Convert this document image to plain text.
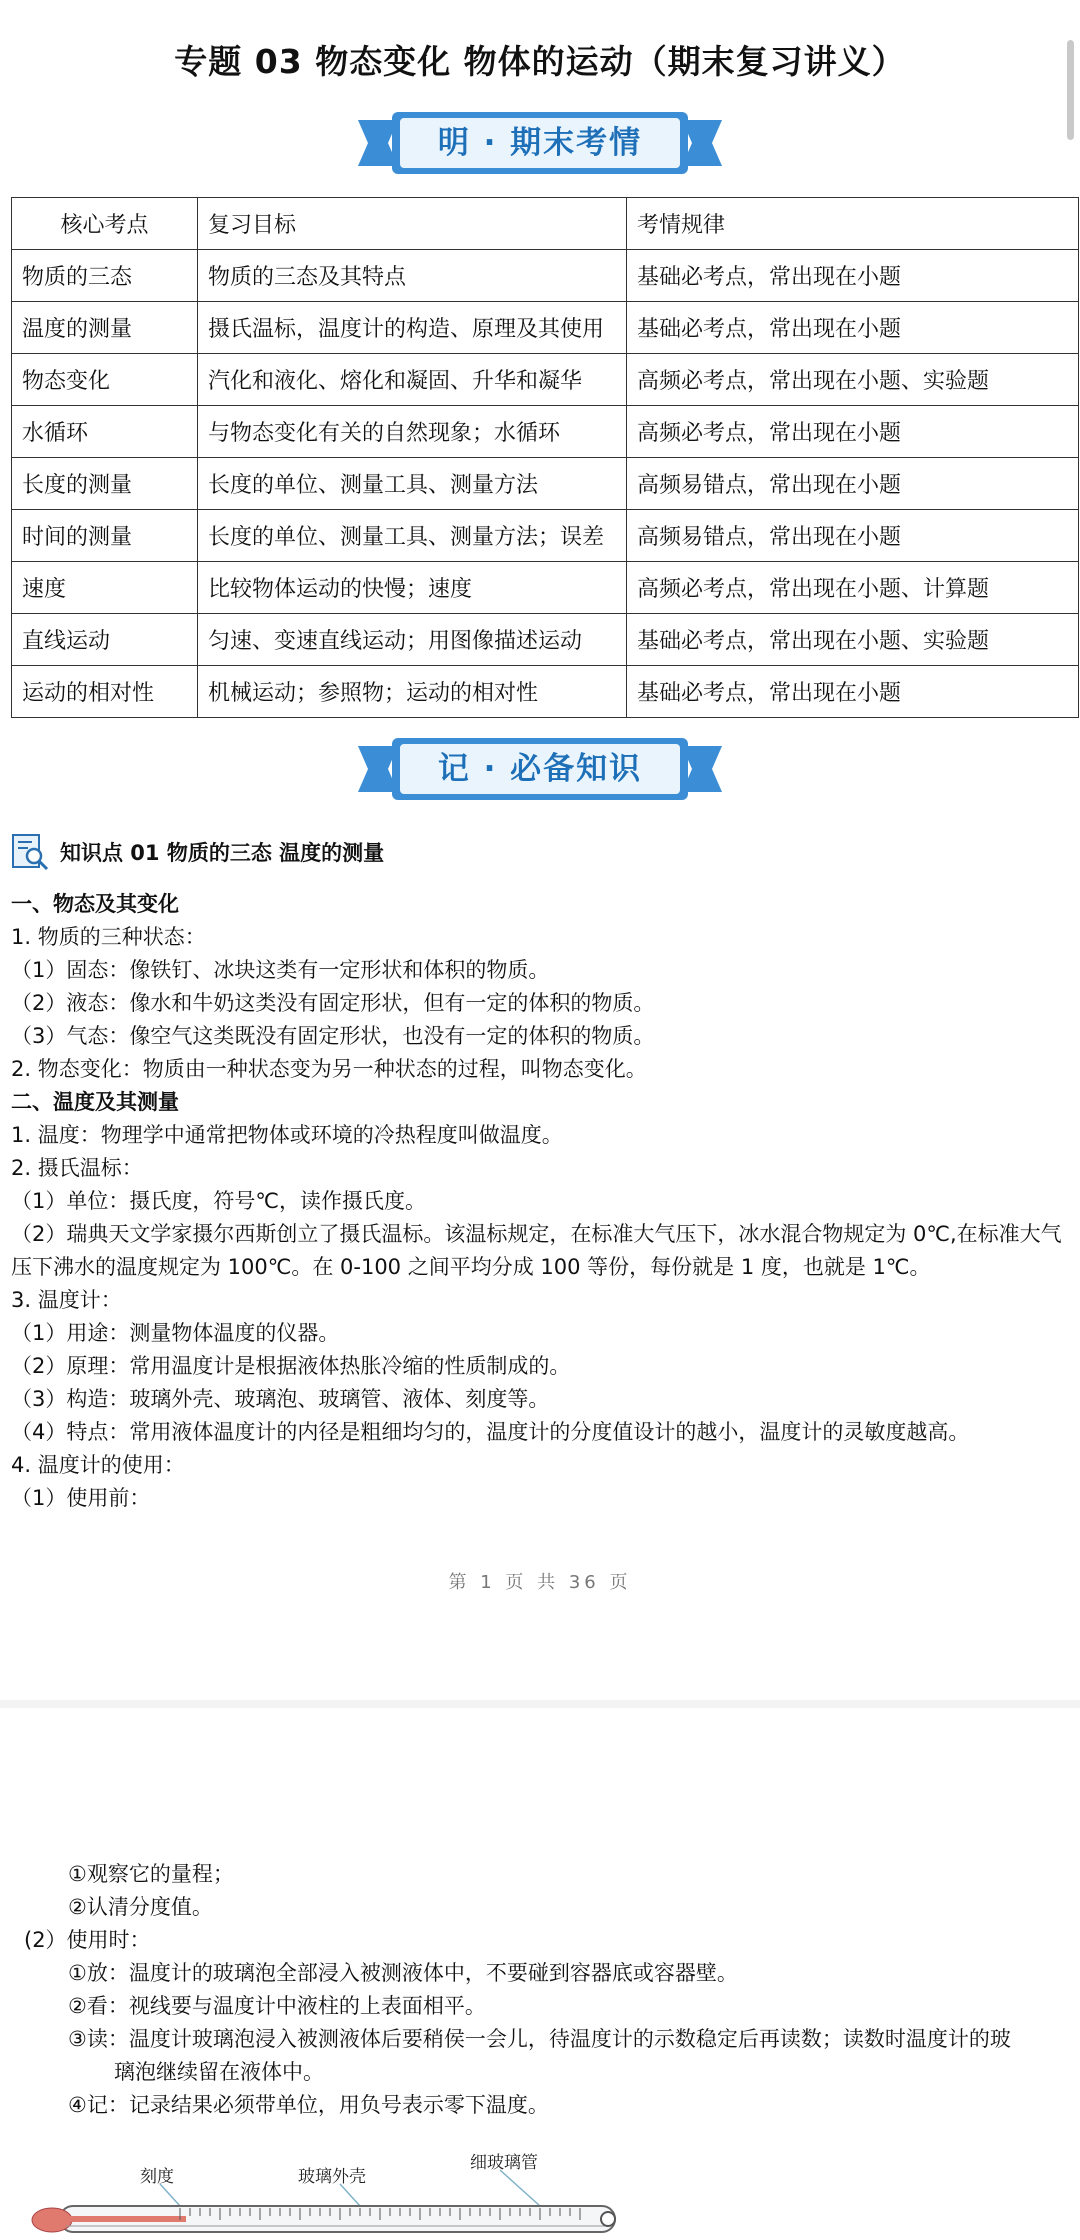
专题 03 物态变化 物体的运动（期末复习讲义）
明 · 期末考情
核心考点	复习目标	考情规律
物质的三态	物质的三态及其特点	基础必考点，常出现在小题
温度的测量	摄氏温标，温度计的构造、原理及其使用	基础必考点，常出现在小题
物态变化	汽化和液化、熔化和凝固、升华和凝华	高频必考点，常出现在小题、实验题
水循环	与物态变化有关的自然现象；水循环	高频必考点，常出现在小题
长度的测量	长度的单位、测量工具、测量方法	高频易错点，常出现在小题
时间的测量	长度的单位、测量工具、测量方法；误差	高频易错点，常出现在小题
速度	比较物体运动的快慢；速度	高频必考点，常出现在小题、计算题
直线运动	匀速、变速直线运动；用图像描述运动	基础必考点，常出现在小题、实验题
运动的相对性	机械运动；参照物；运动的相对性	基础必考点，常出现在小题
记 · 必备知识
知识点 01 物质的三态 温度的测量

一、物态及其变化

1. 物质的三种状态：

（1）固态：像铁钉、冰块这类有一定形状和体积的物质。

（2）液态：像水和牛奶这类没有固定形状，但有一定的体积的物质。

（3）气态：像空气这类既没有固定形状，也没有一定的体积的物质。

2. 物态变化：物质由一种状态变为另一种状态的过程，叫物态变化。

二、温度及其测量

1. 温度：物理学中通常把物体或环境的冷热程度叫做温度。

2. 摄氏温标：

（1）单位：摄氏度，符号℃，读作摄氏度。

（2）瑞典天文学家摄尔西斯创立了摄氏温标。该温标规定，在标准大气压下，冰水混合物规定为 0℃,在标准大气压下沸水的温度规定为 100℃。在 0-100 之间平均分成 100 等份，每份就是 1 度，也就是 1℃。

3. 温度计：

（1）用途：测量物体温度的仪器。

（2）原理：常用温度计是根据液体热胀冷缩的性质制成的。

（3）构造：玻璃外壳、玻璃泡、玻璃管、液体、刻度等。

（4）特点：常用液体温度计的内径是粗细均匀的，温度计的分度值设计的越小，温度计的灵敏度越高。

4. 温度计的使用：

（1）使用前：

第 1 页 共 36 页

①观察它的量程；

②认清分度值。

(2）使用时：

①放：温度计的玻璃泡全部浸入被测液体中，不要碰到容器底或容器壁。

②看：视线要与温度计中液柱的上表面相平。

③读：温度计玻璃泡浸入被测液体后要稍侯一会儿，待温度计的示数稳定后再读数；读数时温度计的玻

璃泡继续留在液体中。

④记：记录结果必须带单位，用负号表示零下温度。

刻度	玻璃外壳
细玻璃管
